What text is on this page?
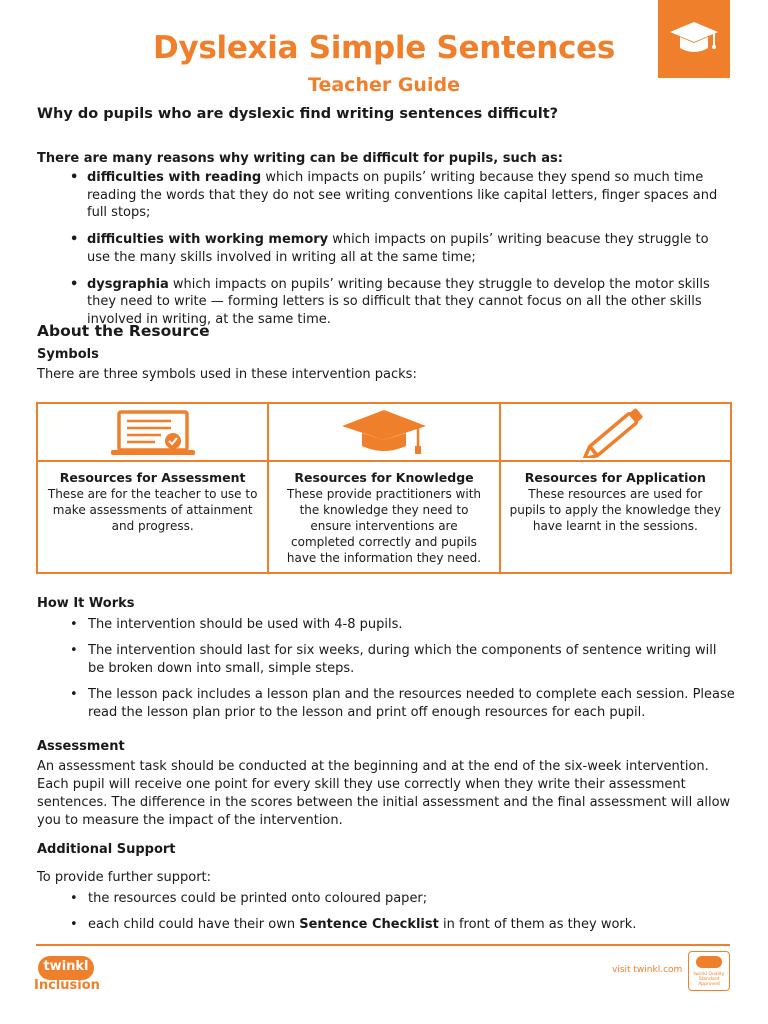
Dyslexia Simple Sentences
Teacher Guide
Why do pupils who are dyslexic find writing sentences difficult?
There are many reasons why writing can be difficult for pupils, such as:
• difficulties with reading which impacts on pupils’ writing because they spend so much time reading the words that they do not see writing conventions like capital letters, finger spaces and full stops;
• difficulties with working memory which impacts on pupils’ writing beacuse they struggle to use the many skills involved in writing all at the same time;
• dysgraphia which impacts on pupils’ writing because they struggle to develop the motor skills they need to write — forming letters is so difficult that they cannot focus on all the other skills involved in writing, at the same time.
About the Resource
Symbols
There are three symbols used in these intervention packs:
Resources for Assessment
These are for the teacher to use to make assessments of attainment and progress.
Resources for Knowledge
These provide practitioners with the knowledge they need to ensure interventions are completed correctly and pupils have the information they need.
Resources for Application
These resources are used for pupils to apply the knowledge they have learnt in the sessions.
How It Works
• The intervention should be used with 4-8 pupils.
• The intervention should last for six weeks, during which the components of sentence writing will be broken down into small, simple steps.
• The lesson pack includes a lesson plan and the resources needed to complete each session. Please read the lesson plan prior to the lesson and print off enough resources for each pupil.
Assessment
An assessment task should be conducted at the beginning and at the end of the six-week intervention. Each pupil will receive one point for every skill they use correctly when they write their assessment sentences. The difference in the scores between the initial assessment and the final assessment will allow you to measure the impact of the intervention.
Additional Support
To provide further support:
• the resources could be printed onto coloured paper;
• each child could have their own Sentence Checklist in front of them as they work.
twinkl
Inclusion
visit twinkl.com	twinkl Quality Standard Approved
